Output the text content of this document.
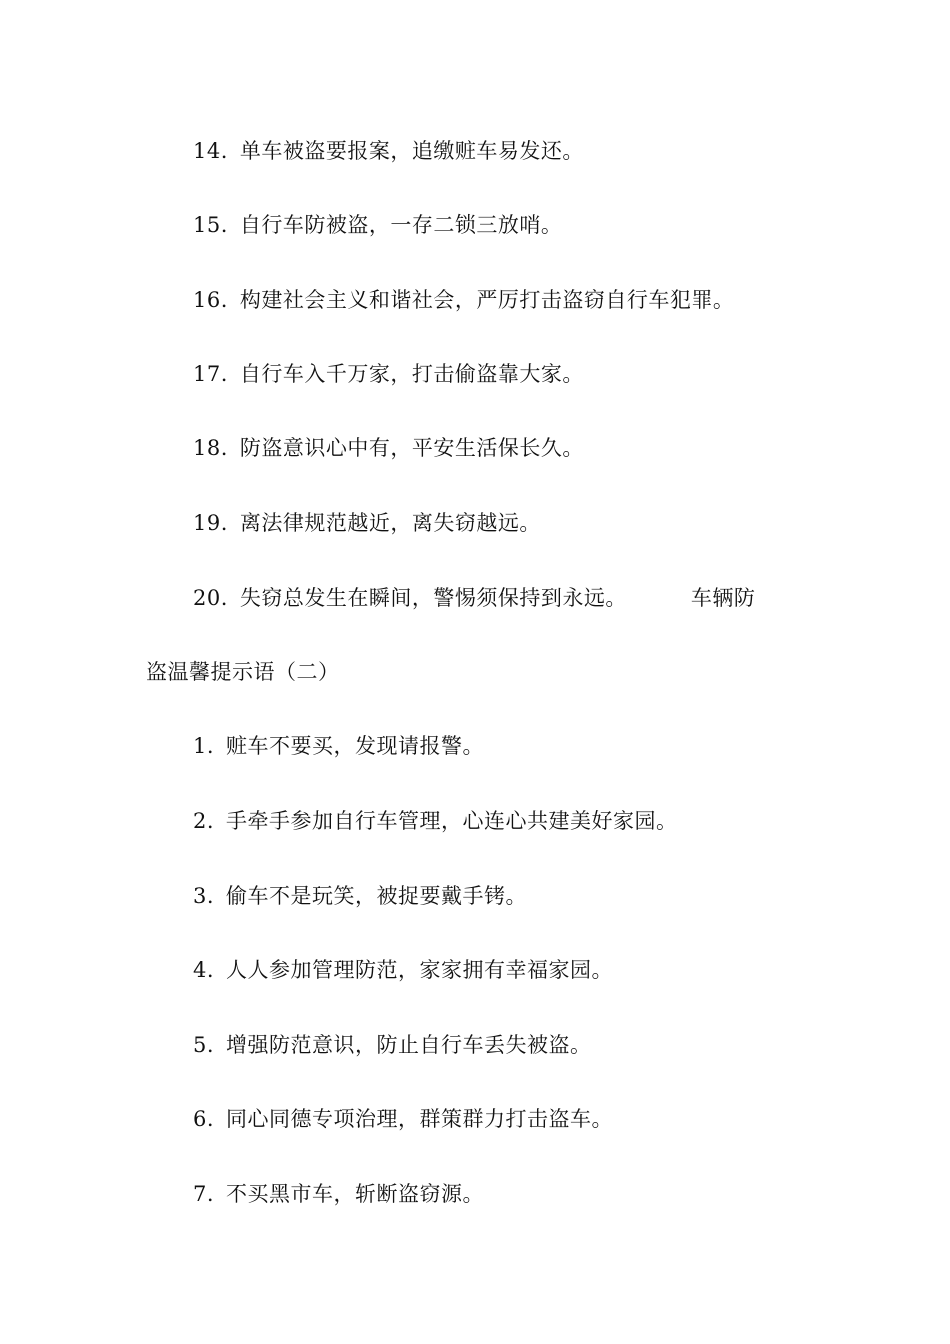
14. 单车被盗要报案，追缴赃车易发还。
15. 自行车防被盗，一存二锁三放哨。
16. 构建社会主义和谐社会，严厉打击盗窃自行车犯罪。
17. 自行车入千万家，打击偷盗靠大家。
18. 防盗意识心中有，平安生活保长久。
19. 离法律规范越近，离失窃越远。
20. 失窃总发生在瞬间，警惕须保持到永远。	车辆防
盗温馨提示语（二）
1. 赃车不要买，发现请报警。
2. 手牵手参加自行车管理，心连心共建美好家园。
3. 偷车不是玩笑，被捉要戴手铐。
4. 人人参加管理防范，家家拥有幸福家园。
5. 增强防范意识，防止自行车丢失被盗。
6. 同心同德专项治理，群策群力打击盗车。
7. 不买黑市车，斩断盗窃源。
